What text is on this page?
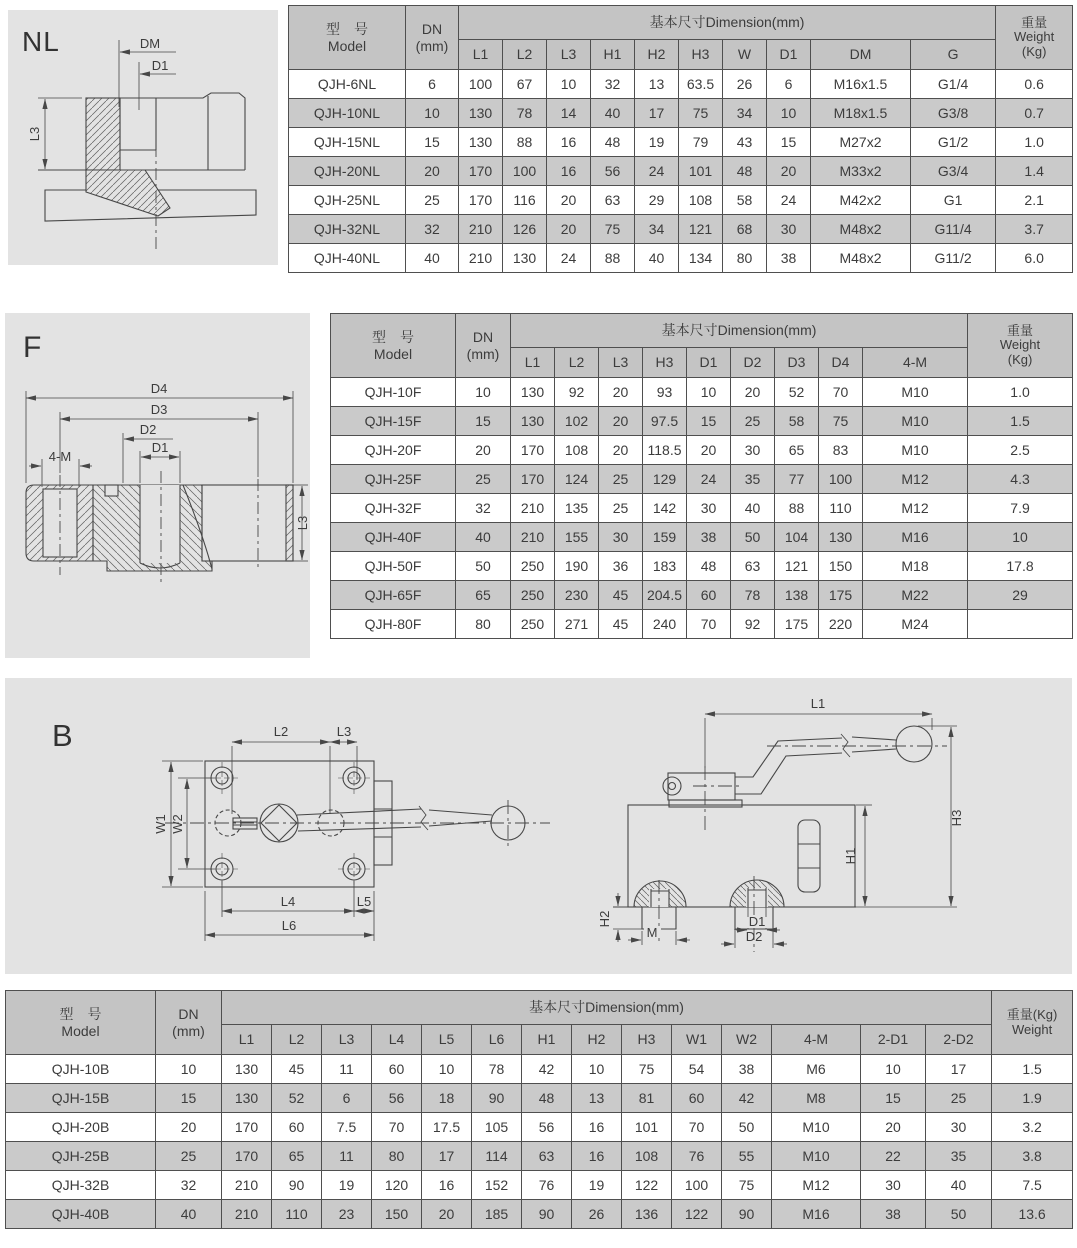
NL	DM
D1
L3
型　号
Model

DN
(mm)
	基本尺寸Dimension(mm)	重量
Weight
(Kg)

		L1	L2	L3	H1	H2	H3	W	D1	DM	G	
QJH-6NL	6	100	67	10	32	13	63.5	26	6	M16x1.5	G1/4	0.6
QJH-10NL	10	130	78	14	40	17	75	34	10	M18x1.5	G3/8	0.7
QJH-15NL	15	130	88	16	48	19	79	43	15	M27x2	G1/2	1.0
QJH-20NL	20	170	100	16	56	24	101	48	20	M33x2	G3/4	1.4
QJH-25NL	25	170	116	20	63	29	108	58	24	M42x2	G1	2.1
QJH-32NL	32	210	126	20	75	34	121	68	30	M48x2	G11/4	3.7
QJH-40NL	40	210	130	24	88	40	134	80	38	M48x2	G11/2	6.0
F
D4
D3
D2
D1
4-M
L3
型　号
Model

DN
(mm)
	基本尺寸Dimension(mm)	重量
Weight
(Kg)

		L1	L2	L3	H3	D1	D2	D3	D4	4-M	
QJH-10F	10	130	92	20	93	10	20	52	70	M10	1.0
QJH-15F	15	130	102	20	97.5	15	25	58	75	M10	1.5
QJH-20F	20	170	108	20	118.5	20	30	65	83	M10	2.5
QJH-25F	25	170	124	25	129	24	35	77	100	M12	4.3
QJH-32F	32	210	135	25	142	30	40	88	110	M12	7.9
QJH-40F	40	210	155	30	159	38	50	104	130	M16	10
QJH-50F	50	250	190	36	183	48	63	121	150	M18	17.8
QJH-65F	65	250	230	45	204.5	60	78	138	175	M22	29
QJH-80F	80	250	271	45	240	70	92	175	220	M24	
B	L2	L3
W1 W2
L4	L5
L6
L1
H3
H1
H2
M
D1
D2
型　号
Model

DN
(mm)
	基本尺寸Dimension(mm)	重量(Kg)
Weight

		L1	L2	L3	L4	L5	L6	H1	H2	H3	W1	W2	4-M	2-D1	2-D2	
QJH-10B	10	130	45	11	60	10	78	42	10	75	54	38	M6	10	17	1.5
QJH-15B	15	130	52	6	56	18	90	48	13	81	60	42	M8	15	25	1.9
QJH-20B	20	170	60	7.5	70	17.5	105	56	16	101	70	50	M10	20	30	3.2
QJH-25B	25	170	65	11	80	17	114	63	16	108	76	55	M10	22	35	3.8
QJH-32B	32	210	90	19	120	16	152	76	19	122	100	75	M12	30	40	7.5
QJH-40B	40	210	110	23	150	20	185	90	26	136	122	90	M16	38	50	13.6
